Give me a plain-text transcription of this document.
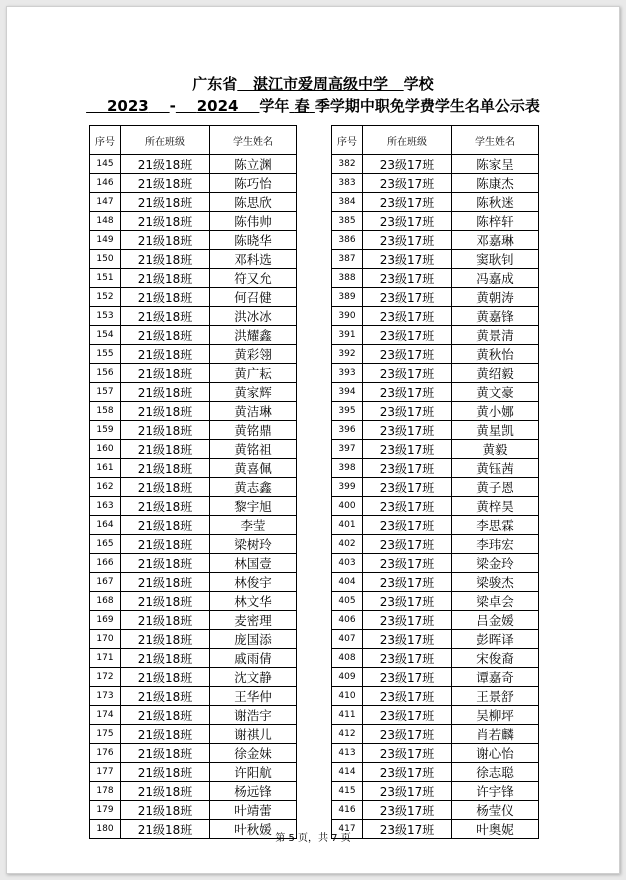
广东省 湛江市爱周高级中学 学校
2023 - 2024 学年 春 季学期中职免学费学生名单公示表
序号	所在班级	学生姓名
145	21级18班	陈立渊
146	21级18班	陈巧怡
147	21级18班	陈思欣
148	21级18班	陈伟帅
149	21级18班	陈晓华
150	21级18班	邓科选
151	21级18班	符又允
152	21级18班	何召健
153	21级18班	洪冰冰
154	21级18班	洪耀鑫
155	21级18班	黄彩翎
156	21级18班	黄广耘
157	21级18班	黄家辉
158	21级18班	黄洁琳
159	21级18班	黄铭鼎
160	21级18班	黄铭祖
161	21级18班	黄喜佩
162	21级18班	黄志鑫
163	21级18班	黎宇旭
164	21级18班	李莹
165	21级18班	梁树玲
166	21级18班	林国壹
167	21级18班	林俊宇
168	21级18班	林文华
169	21级18班	麦密理
170	21级18班	庞国添
171	21级18班	戚雨倩
172	21级18班	沈文静
173	21级18班	王华仲
174	21级18班	谢浩宇
175	21级18班	谢祺儿
176	21级18班	徐金妹
177	21级18班	许阳航
178	21级18班	杨远锋
179	21级18班	叶靖蕾
180	21级18班	叶秋媛
序号	所在班级	学生姓名
382	23级17班	陈家呈
383	23级17班	陈康杰
384	23级17班	陈秋迷
385	23级17班	陈梓轩
386	23级17班	邓嘉琳
387	23级17班	窦耿钊
388	23级17班	冯嘉成
389	23级17班	黄朝涛
390	23级17班	黄嘉锋
391	23级17班	黄景清
392	23级17班	黄秋怡
393	23级17班	黄绍毅
394	23级17班	黄文豪
395	23级17班	黄小娜
396	23级17班	黄星凯
397	23级17班	黄毅
398	23级17班	黄钰茜
399	23级17班	黄子恩
400	23级17班	黄梓昊
401	23级17班	李思霖
402	23级17班	李玮宏
403	23级17班	梁金玲
404	23级17班	梁骏杰
405	23级17班	梁卓会
406	23级17班	吕金媛
407	23级17班	彭晖译
408	23级17班	宋俊裔
409	23级17班	谭嘉奇
410	23级17班	王景舒
411	23级17班	吴柳坪
412	23级17班	肖若麟
413	23级17班	谢心怡
414	23级17班	徐志聪
415	23级17班	许宇锋
416	23级17班	杨莹仪
417	23级17班	叶奥妮
第 5 页，共 7 页
